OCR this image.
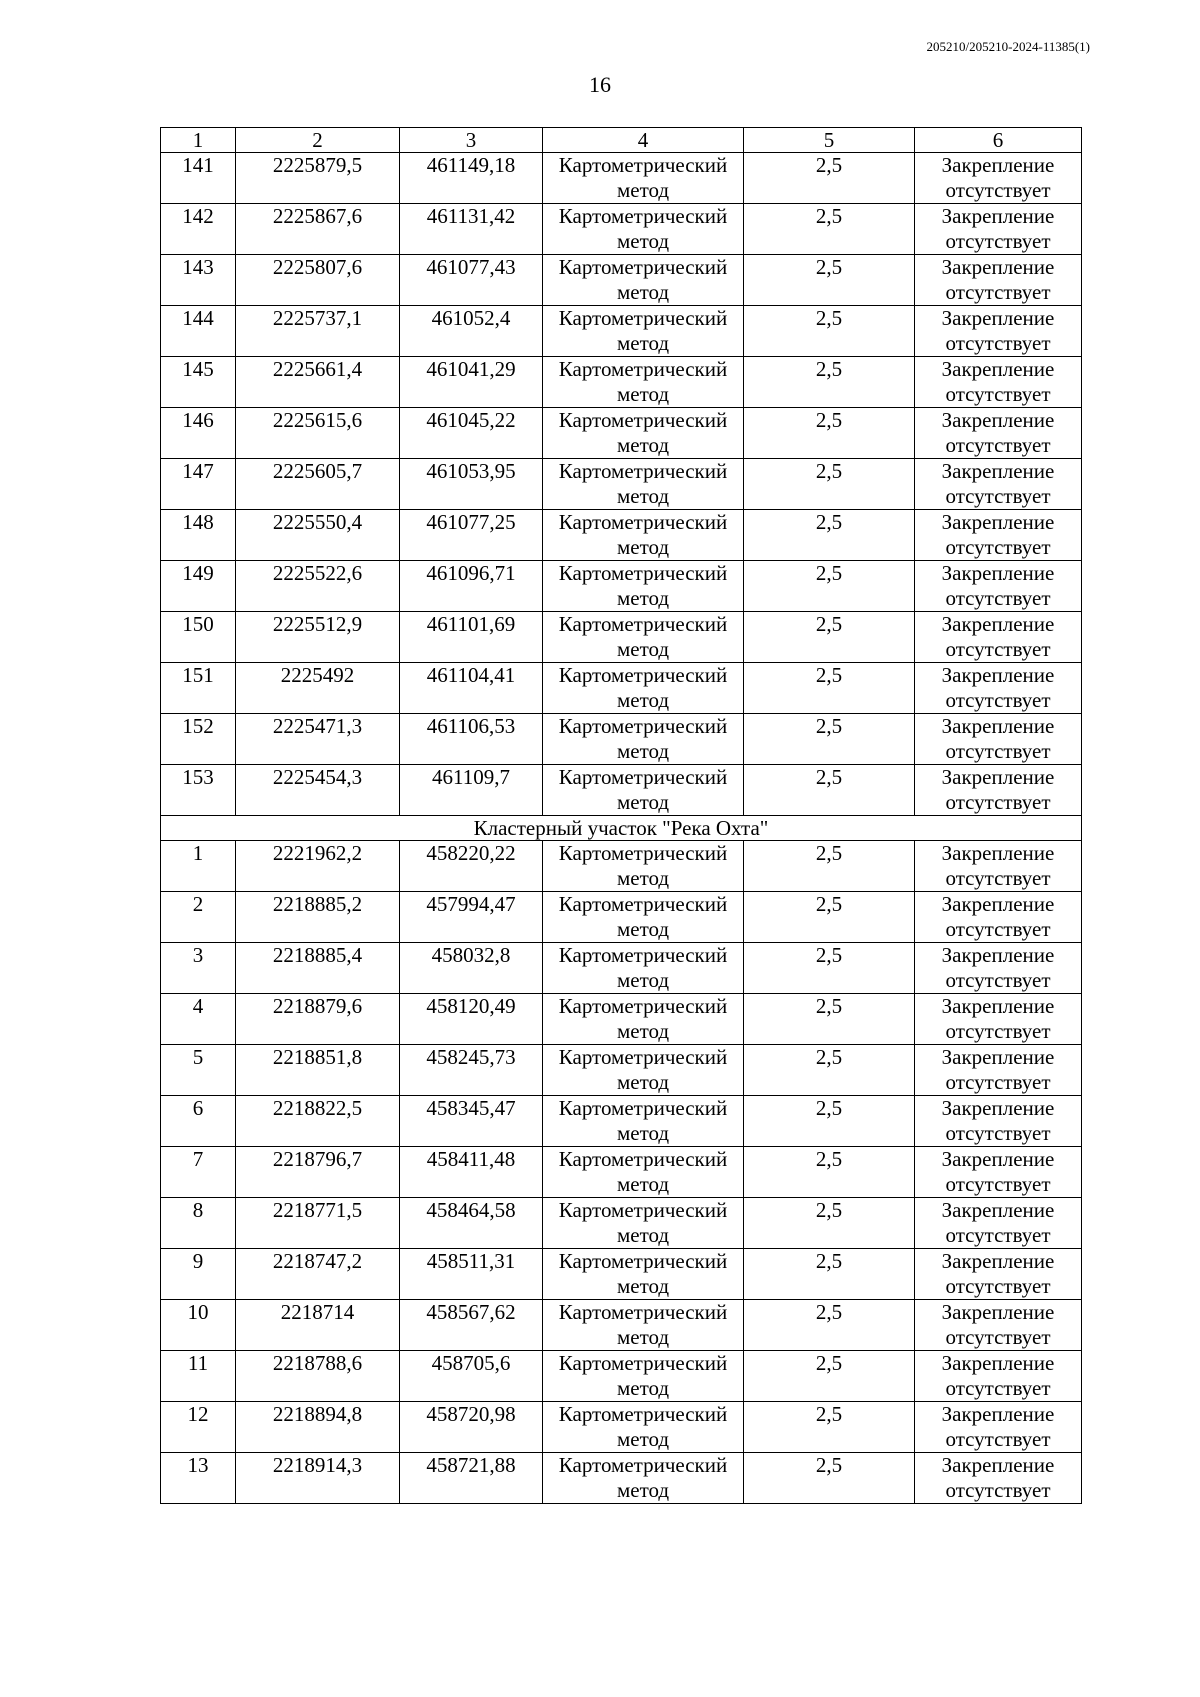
205210/205210-2024-11385(1)
16
1	2	3	4	5	6
141	2225879,5	461149,18	Картометрический метод	2,5	Закрепление отсутствует
142	2225867,6	461131,42	Картометрический метод	2,5	Закрепление отсутствует
143	2225807,6	461077,43	Картометрический метод	2,5	Закрепление отсутствует
144	2225737,1	461052,4	Картометрический метод	2,5	Закрепление отсутствует
145	2225661,4	461041,29	Картометрический метод	2,5	Закрепление отсутствует
146	2225615,6	461045,22	Картометрический метод	2,5	Закрепление отсутствует
147	2225605,7	461053,95	Картометрический метод	2,5	Закрепление отсутствует
148	2225550,4	461077,25	Картометрический метод	2,5	Закрепление отсутствует
149	2225522,6	461096,71	Картометрический метод	2,5	Закрепление отсутствует
150	2225512,9	461101,69	Картометрический метод	2,5	Закрепление отсутствует
151	2225492	461104,41	Картометрический метод	2,5	Закрепление отсутствует
152	2225471,3	461106,53	Картометрический метод	2,5	Закрепление отсутствует
153	2225454,3	461109,7	Картометрический метод	2,5	Закрепление отсутствует
Кластерный участок "Река Охта"					
1	2221962,2	458220,22	Картометрический метод	2,5	Закрепление отсутствует
2	2218885,2	457994,47	Картометрический метод	2,5	Закрепление отсутствует
3	2218885,4	458032,8	Картометрический метод	2,5	Закрепление отсутствует
4	2218879,6	458120,49	Картометрический метод	2,5	Закрепление отсутствует
5	2218851,8	458245,73	Картометрический метод	2,5	Закрепление отсутствует
6	2218822,5	458345,47	Картометрический метод	2,5	Закрепление отсутствует
7	2218796,7	458411,48	Картометрический метод	2,5	Закрепление отсутствует
8	2218771,5	458464,58	Картометрический метод	2,5	Закрепление отсутствует
9	2218747,2	458511,31	Картометрический метод	2,5	Закрепление отсутствует
10	2218714	458567,62	Картометрический метод	2,5	Закрепление отсутствует
11	2218788,6	458705,6	Картометрический метод	2,5	Закрепление отсутствует
12	2218894,8	458720,98	Картометрический метод	2,5	Закрепление отсутствует
13	2218914,3	458721,88	Картометрический метод	2,5	Закрепление отсутствует
